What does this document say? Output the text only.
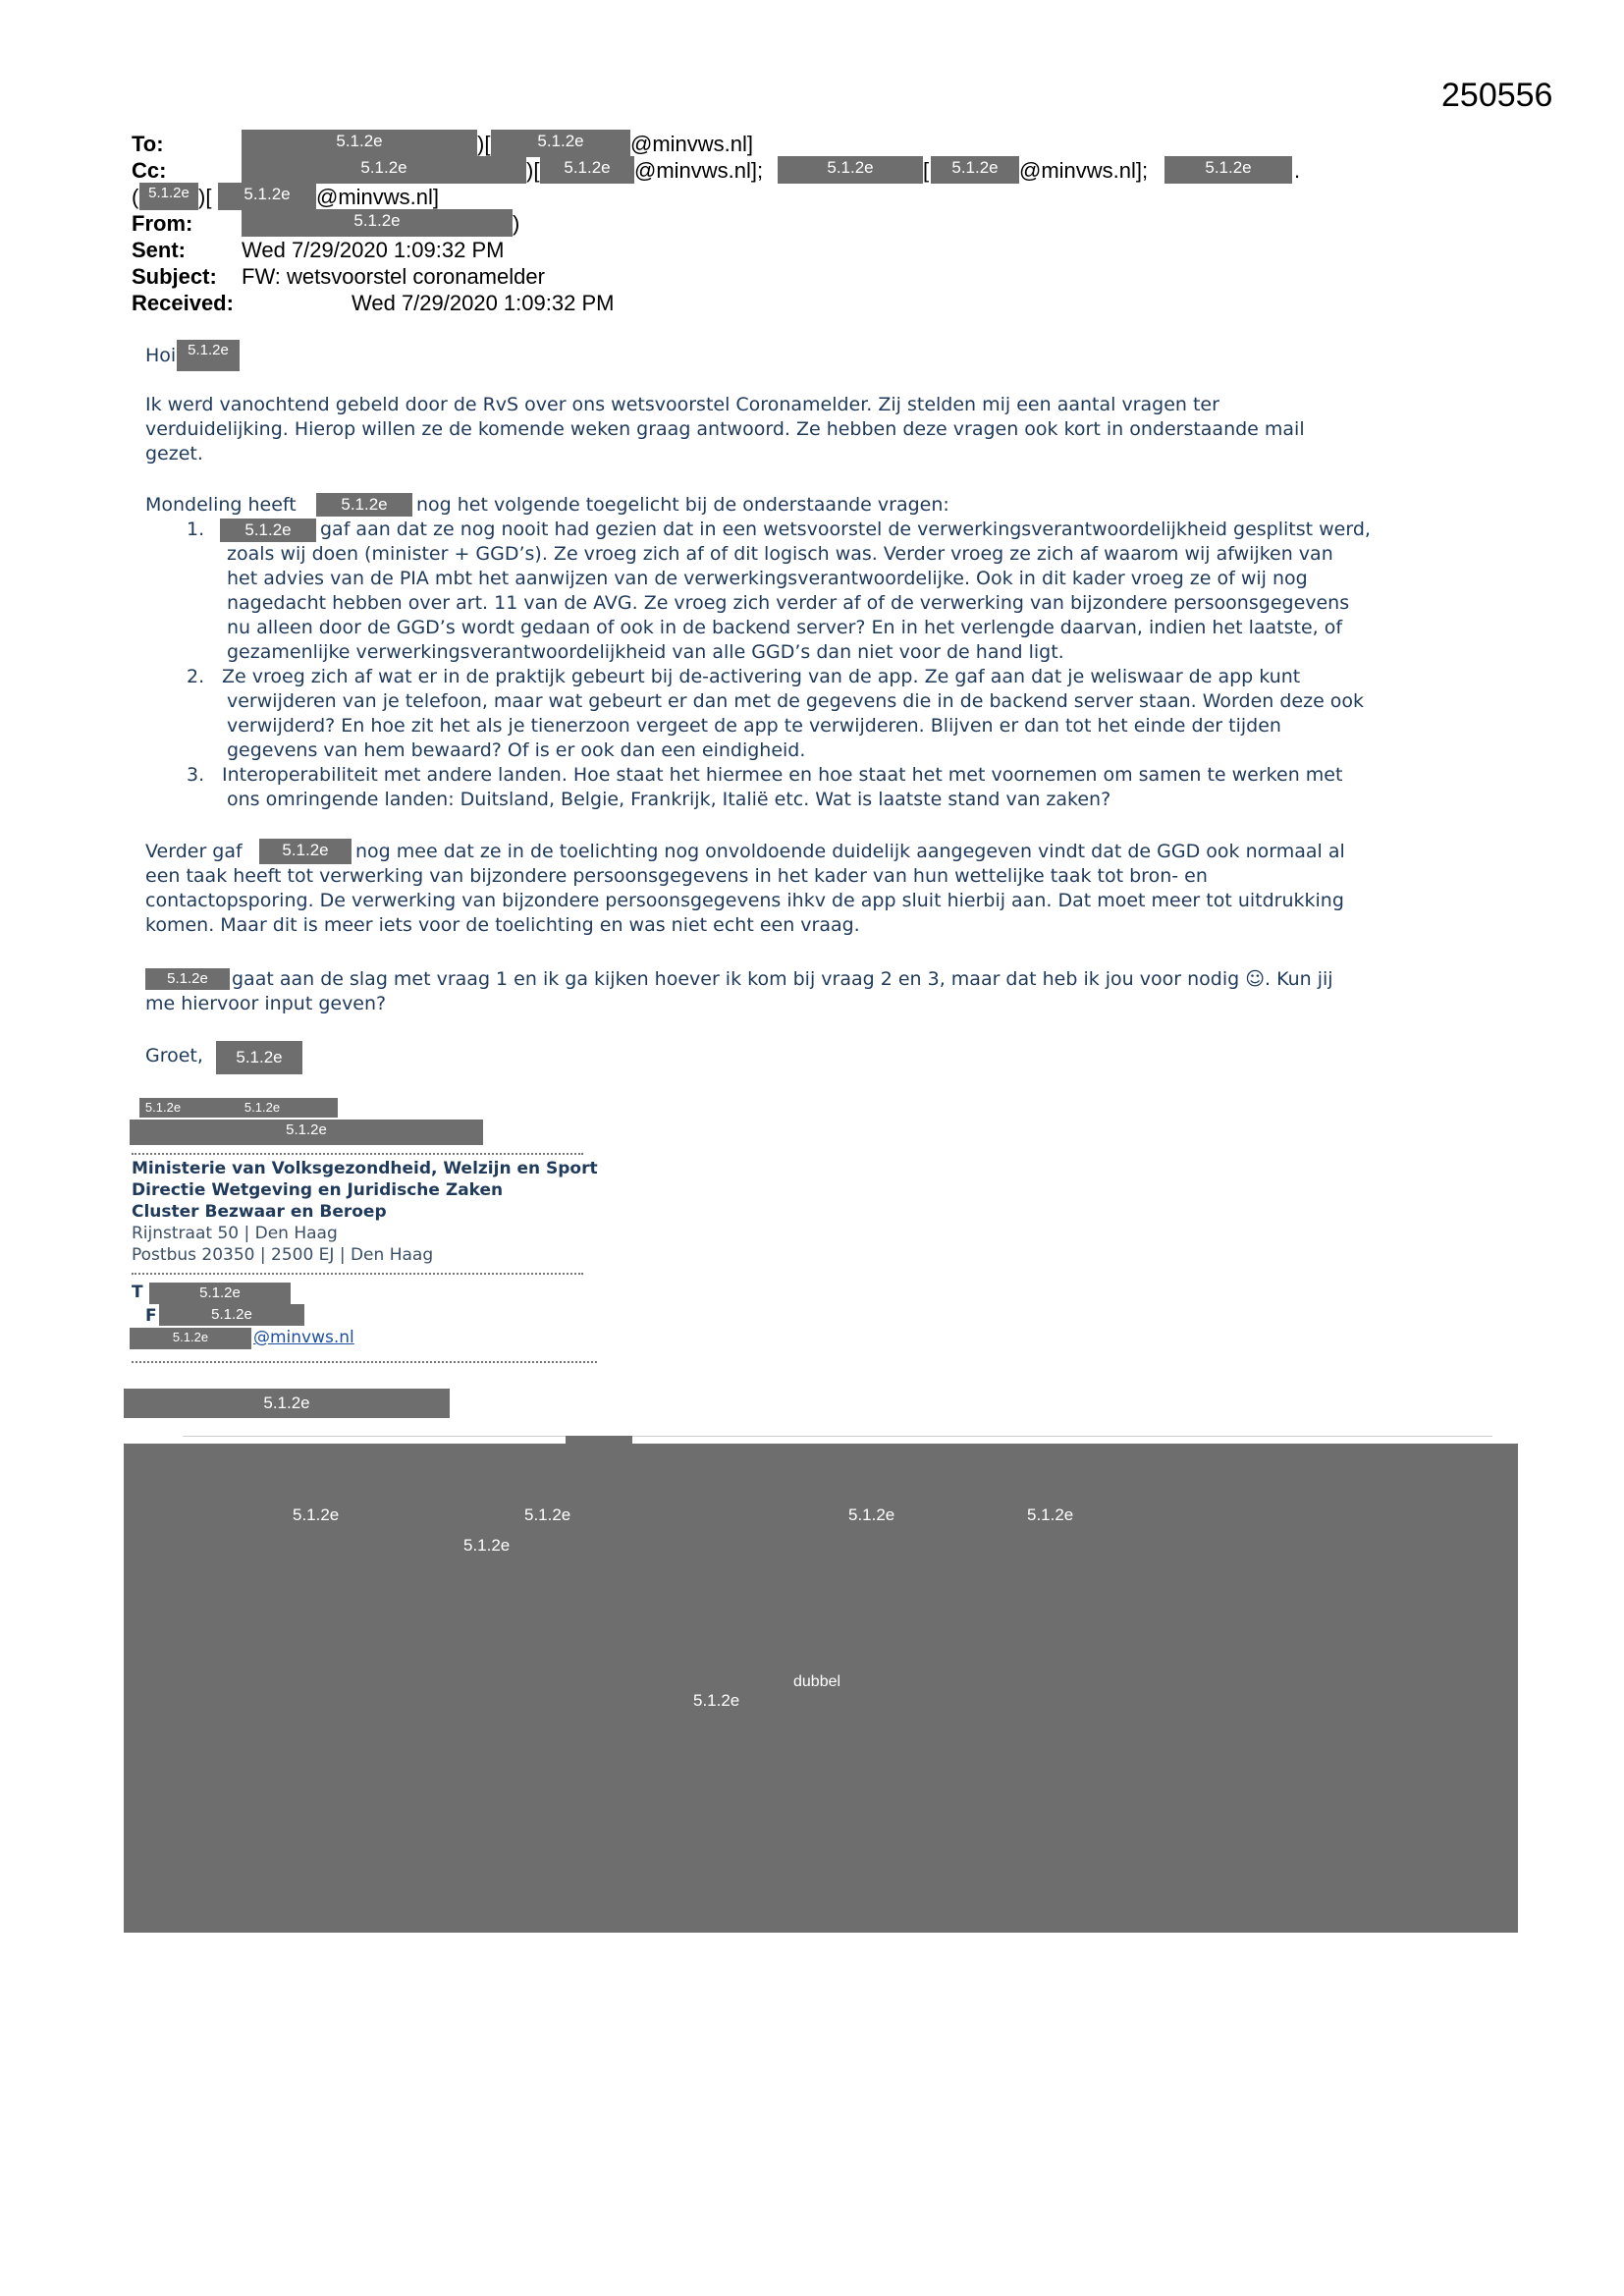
250556
To:	5.1.2e	)[	5.1.2e	@minvws.nl]
Cc:	5.1.2e	)[	5.1.2e	@minvws.nl];	5.1.2e	[	5.1.2e @minvws.nl];	5.1.2e	.
( 5.1.2e )[	5.1.2e	@minvws.nl]
From:	5.1.2e	)
Sent:	Wed 7/29/2020 1:09:32 PM
Subject: FW: wetsvoorstel coronamelder
Received:	Wed 7/29/2020 1:09:32 PM
Hoi 5.1.2e
Ik werd vanochtend gebeld door de RvS over ons wetsvoorstel Coronamelder. Zij stelden mij een aantal vragen ter
verduidelijking. Hierop willen ze de komende weken graag antwoord. Ze hebben deze vragen ook kort in onderstaande mail
gezet.
Mondeling heeft	5.1.2e	nog het volgende toegelicht bij de onderstaande vragen:
1.	5.1.2e	gaf aan dat ze nog nooit had gezien dat in een wetsvoorstel de verwerkingsverantwoordelijkheid gesplitst werd,
zoals wij doen (minister + GGD’s). Ze vroeg zich af of dit logisch was. Verder vroeg ze zich af waarom wij afwijken van
het advies van de PIA mbt het aanwijzen van de verwerkingsverantwoordelijke. Ook in dit kader vroeg ze of wij nog
nagedacht hebben over art. 11 van de AVG. Ze vroeg zich verder af of de verwerking van bijzondere persoonsgegevens
nu alleen door de GGD’s wordt gedaan of ook in de backend server? En in het verlengde daarvan, indien het laatste, of
gezamenlijke verwerkingsverantwoordelijkheid van alle GGD’s dan niet voor de hand ligt.
2. Ze vroeg zich af wat er in de praktijk gebeurt bij de-activering van de app. Ze gaf aan dat je weliswaar de app kunt
verwijderen van je telefoon, maar wat gebeurt er dan met de gegevens die in de backend server staan. Worden deze ook
verwijderd? En hoe zit het als je tienerzoon vergeet de app te verwijderen. Blijven er dan tot het einde der tijden
gegevens van hem bewaard? Of is er ook dan een eindigheid.
3. Interoperabiliteit met andere landen. Hoe staat het hiermee en hoe staat het met voornemen om samen te werken met
ons omringende landen: Duitsland, Belgie, Frankrijk, Italië etc. Wat is laatste stand van zaken?
Verder gaf	5.1.2e	nog mee dat ze in de toelichting nog onvoldoende duidelijk aangegeven vindt dat de GGD ook normaal al
een taak heeft tot verwerking van bijzondere persoonsgegevens in het kader van hun wettelijke taak tot bron- en
contactopsporing. De verwerking van bijzondere persoonsgegevens ihkv de app sluit hierbij aan. Dat moet meer tot uitdrukking
komen. Maar dit is meer iets voor de toelichting en was niet echt een vraag.
5.1.2e	gaat aan de slag met vraag 1 en ik ga kijken hoever ik kom bij vraag 2 en 3, maar dat heb ik jou voor nodig ☺. Kun jij
me hiervoor input geven?
Groet,	5.1.2e
5.1.2e	5.1.2e
5.1.2e
Ministerie van Volksgezondheid, Welzijn en Sport
Directie Wetgeving en Juridische Zaken
Cluster Bezwaar en Beroep
Rijnstraat 50 | Den Haag
Postbus 20350 | 2500 EJ | Den Haag
T	5.1.2e
F	5.1.2e
5.1.2e	@minvws.nl
5.1.2e
5.1.2e	5.1.2e	5.1.2e	5.1.2e
5.1.2e
dubbel
5.1.2e
